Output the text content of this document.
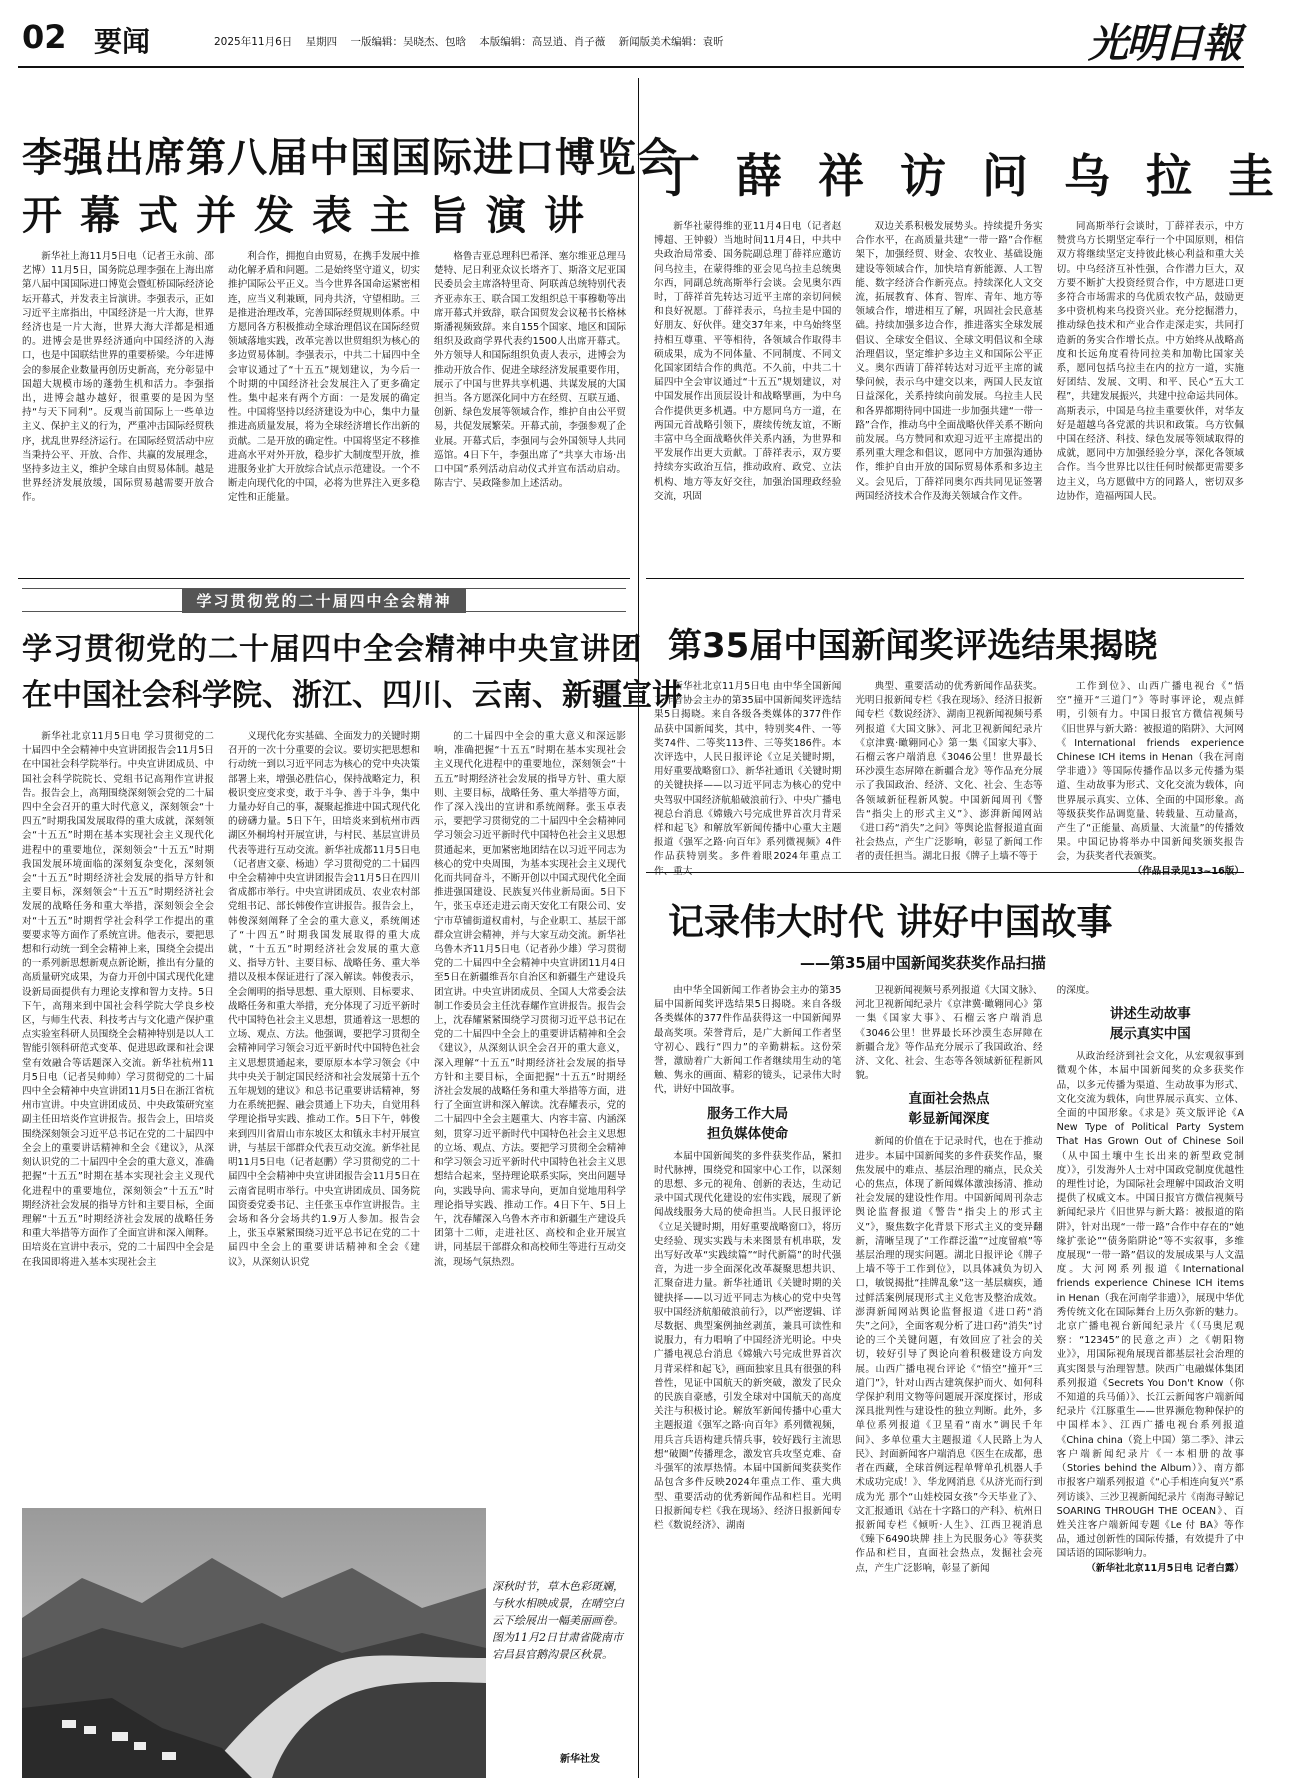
02 要闻	2025年11月6日 星期四 一版编辑：吴晓杰、包晗 本版编辑：高昱逍、肖子薇 新闻版美术编辑：袁昕	光明日報
李强出席第八届中国国际进口博览会
开幕式并发表主旨演讲

新华社上海11月5日电（记者王永前、邵艺博）11月5日，国务院总理李强在上海出席第八届中国国际进口博览会暨虹桥国际经济论坛开幕式，并发表主旨演讲。李强表示，正如习近平主席指出，中国经济是一片大海，世界经济也是一片大海，世界大海大洋都是相通的。进博会是世界经济通向中国经济的入海口，也是中国联结世界的重要桥梁。今年进博会的参展企业数量再创历史新高，充分彰显中国超大规模市场的蓬勃生机和活力。李强指出，进博会越办越好，很重要的是因为坚持“与天下同利”。反观当前国际上一些单边主义、保护主义的行为，严重冲击国际经贸秩序，扰乱世界经济运行。在国际经贸活动中应当秉持公平、开放、合作、共赢的发展理念，坚持多边主义，维护全球自由贸易体制。越是世界经济发展放缓，国际贸易越需要开放合作。

利合作，拥抱自由贸易，在携手发展中推动化解矛盾和问题。二是始终坚守道义，切实推护国际公平正义。当今世界各国命运紧密相连，应当义利兼顾，同舟共济，守望相助。三是推进治理改革，完善国际经贸规则体系。中方愿同各方积极推动全球治理倡议在国际经贸领域落地实践，改革完善以世贸组织为核心的多边贸易体制。李强表示，中共二十届四中全会审议通过了“十五五”规划建议，为今后一个时期的中国经济社会发展注入了更多确定性。集中起来有两个方面：一是发展的确定性。中国将坚持以经济建设为中心，集中力量推进高质量发展，将为全球经济增长作出新的贡献。二是开放的确定性。中国将坚定不移推进高水平对外开放，稳步扩大制度型开放，推进服务业扩大开放综合试点示范建设。一个不断走向现代化的中国，必将为世界注入更多稳定性和正能量。

格鲁吉亚总理科巴希泽、塞尔维亚总理马楚特、尼日利亚众议长塔齐丁、斯洛文尼亚国民委员会主席洛特里奇、阿联酋总统特别代表齐亚赤东王、联合国工发组织总干事穆勒等出席开幕式并致辞，联合国贸发会议秘书长格林斯潘视频致辞。来自155个国家、地区和国际组织及政商学界代表约1500人出席开幕式。外方领导人和国际组织负责人表示，进博会为推动开放合作、促进全球经济发展重要作用，展示了中国与世界共享机遇、共谋发展的大国担当。各方愿深化同中方在经贸、互联互通、创新、绿色发展等领域合作，维护自由公平贸易，共促发展繁荣。开幕式前，李强参观了企业展。开幕式后，李强同与会外国领导人共同巡馆。4日下午，李强出席了“共享大市场·出口中国”系列活动启动仪式并宣布活动启动。陈吉宁、吴政隆参加上述活动。

丁薛祥访问乌拉圭

新华社蒙得维的亚11月4日电（记者赵博超、王钟毅）当地时间11月4日，中共中央政治局常委、国务院副总理丁薛祥应邀访问乌拉圭，在蒙得维的亚会见乌拉圭总统奥尔西，同副总统高斯举行会谈。会见奥尔西时，丁薛祥首先转达习近平主席的亲切问候和良好祝愿。丁薛祥表示，乌拉圭是中国的好朋友、好伙伴。建交37年来，中乌始终坚持相互尊重、平等相待，各领域合作取得丰硕成果，成为不同体量、不同制度、不同文化国家团结合作的典范。不久前，中共二十届四中全会审议通过“十五五”规划建议，对中国发展作出顶层设计和战略擘画，为中乌合作提供更多机遇。中方愿同乌方一道，在两国元首战略引领下，赓续传统友谊，不断丰富中乌全面战略伙伴关系内涵，为世界和平发展作出更大贡献。丁薛祥表示，双方要持续夯实政治互信，推动政府、政党、立法机构、地方等友好交往，加强治国理政经验交流，巩固

双边关系积极发展势头。持续提升务实合作水平，在高质量共建“一带一路”合作框架下，加强经贸、财金、农牧业、基础设施建设等领域合作，加快培育新能源、人工智能、数字经济合作新亮点。持续深化人文交流，拓展教育、体育、智库、青年、地方等领域合作，增进相互了解，巩固社会民意基础。持续加强多边合作，推进落实全球发展倡议、全球安全倡议、全球文明倡议和全球治理倡议，坚定维护多边主义和国际公平正义。奥尔西请丁薛祥转达对习近平主席的诚挚问候，表示乌中建交以来，两国人民友谊日益深化，关系持续向前发展。乌拉圭人民和各界都期待同中国进一步加强共建“一带一路”合作，推动乌中全面战略伙伴关系不断向前发展。乌方赞同和欢迎习近平主席提出的系列重大理念和倡议，愿同中方加强沟通协作，维护自由开放的国际贸易体系和多边主义。会见后，丁薛祥同奥尔西共同见证签署两国经济技术合作及海关领域合作文件。

同高斯举行会谈时，丁薛祥表示，中方赞赏乌方长期坚定奉行一个中国原则，相信双方将继续坚定支持彼此核心利益和重大关切。中乌经济互补性强，合作潜力巨大，双方要不断扩大投资经贸合作，中方愿进口更多符合市场需求的乌优质农牧产品，鼓励更多中资机构来乌投资兴业。充分挖掘潜力，推动绿色技术和产业合作走深走实，共同打造新的务实合作增长点。中方始终从战略高度和长远角度看待同拉美和加勒比国家关系，愿同包括乌拉圭在内的拉方一道，实施好团结、发展、文明、和平、民心“五大工程”，共建发展振兴，共建中拉命运共同体。高斯表示，中国是乌拉圭重要伙伴，对华友好是超越乌各党派的共识和政策。乌方钦佩中国在经济、科技、绿色发展等领域取得的成就，愿同中方加强经验分享，深化各领域合作。当今世界比以往任何时候都更需要多边主义，乌方愿做中方的同路人，密切双多边协作，造福两国人民。

学习贯彻党的二十届四中全会精神
学习贯彻党的二十届四中全会精神中央宣讲团
在中国社会科学院、浙江、四川、云南、新疆宣讲

新华社北京11月5日电 学习贯彻党的二十届四中全会精神中央宣讲团报告会11月5日在中国社会科学院举行。中央宣讲团成员、中国社会科学院院长、党组书记高翔作宣讲报告。报告会上，高翔围绕深刻领会党的二十届四中全会召开的重大时代意义，深刻领会“十四五”时期我国发展取得的重大成就，深刻领会“十五五”时期在基本实现社会主义现代化进程中的重要地位，深刻领会“十五五”时期我国发展环境面临的深刻复杂变化，深刻领会“十五五”时期经济社会发展的指导方针和主要目标，深刻领会“十五五”时期经济社会发展的战略任务和重大举措，深刻领会全会对“十五五”时期哲学社会科学工作提出的重要要求等方面作了系统宣讲。他表示，要把思想和行动统一到全会精神上来，围绕全会提出的一系列新思想新观点新论断，推出有分量的高质量研究成果，为奋力开创中国式现代化建设新局面提供有力理论支撑和智力支持。5日下午，高翔来到中国社会科学院大学良乡校区，与师生代表、科技考古与文化遗产保护重点实验室科研人员围绕全会精神特别是以人工智能引领科研范式变革、促进思政课和社会课堂有效融合等话题深入交流。新华社杭州11月5日电（记者吴帅帅）学习贯彻党的二十届四中全会精神中央宣讲团11月5日在浙江省杭州市宣讲。中央宣讲团成员、中央政策研究室副主任田培炎作宣讲报告。报告会上，田培炎围绕深刻领会习近平总书记在党的二十届四中全会上的重要讲话精神和全会《建议》，从深刻认识党的二十届四中全会的重大意义，准确把握“十五五”时期在基本实现社会主义现代化进程中的重要地位，深刻领会“十五五”时期经济社会发展的指导方针和主要目标，全面理解“十五五”时期经济社会发展的战略任务和重大举措等方面作了全面宣讲和深入阐释。田培炎在宣讲中表示，党的二十届四中全会是在我国即将进入基本实现社会主

义现代化夯实基础、全面发力的关键时期召开的一次十分重要的会议。要切实把思想和行动统一到以习近平同志为核心的党中央决策部署上来，增强必胜信心，保持战略定力，积极识变应变求变，敢于斗争、善于斗争，集中力量办好自己的事，凝聚起推进中国式现代化的磅礴力量。5日下午，田培炎来到杭州市西湖区外桐坞村开展宣讲，与村民、基层宣讲员代表等进行互动交流。新华社成都11月5日电（记者唐文豪、杨迪）学习贯彻党的二十届四中全会精神中央宣讲团报告会11月5日在四川省成都市举行。中央宣讲团成员、农业农村部党组书记、部长韩俊作宣讲报告。报告会上，韩俊深刻阐释了全会的重大意义，系统阐述了“十四五”时期我国发展取得的重大成就，“十五五”时期经济社会发展的重大意义、指导方针、主要目标、战略任务、重大举措以及根本保证进行了深入解读。韩俊表示，全会阐明的指导思想、重大原则、目标要求、战略任务和重大举措，充分体现了习近平新时代中国特色社会主义思想，贯通着这一思想的立场、观点、方法。他强调，要把学习贯彻全会精神同学习领会习近平新时代中国特色社会主义思想贯通起来，要原原本本学习领会《中共中央关于制定国民经济和社会发展第十五个五年规划的建议》和总书记重要讲话精神，努力在系统把握、融会贯通上下功夫，自觉用科学理论指导实践、推动工作。5日下午，韩俊来到四川省眉山市东坡区太和镇永丰村开展宣讲，与基层干部群众代表互动交流。新华社昆明11月5日电（记者赵鹏）学习贯彻党的二十届四中全会精神中央宣讲团报告会11月5日在云南省昆明市举行。中央宣讲团成员、国务院国资委党委书记、主任张玉卓作宣讲报告。主会场和各分会场共约1.9万人参加。报告会上，张玉卓紧紧围绕习近平总书记在党的二十届四中全会上的重要讲话精神和全会《建议》，从深刻认识党

的二十届四中全会的重大意义和深远影响，准确把握“十五五”时期在基本实现社会主义现代化进程中的重要地位，深刻领会“十五五”时期经济社会发展的指导方针、重大原则、主要目标，战略任务、重大举措等方面，作了深入浅出的宣讲和系统阐释。张玉卓表示，要把学习贯彻党的二十届四中全会精神同学习领会习近平新时代中国特色社会主义思想贯通起来，更加紧密地团结在以习近平同志为核心的党中央周围，为基本实现社会主义现代化而共同奋斗，不断开创以中国式现代化全面推进强国建设、民族复兴伟业新局面。5日下午，张玉卓还走进云南天安化工有限公司、安宁市草铺街道权甫村，与企业职工、基层干部群众宣讲会精神，并与大家互动交流。新华社乌鲁木齐11月5日电（记者孙少雄）学习贯彻党的二十届四中全会精神中央宣讲团11月4日至5日在新疆维吾尔自治区和新疆生产建设兵团宣讲。中央宣讲团成员、全国人大常委会法制工作委员会主任沈春耀作宣讲报告。报告会上，沈春耀紧紧围绕学习贯彻习近平总书记在党的二十届四中全会上的重要讲话精神和全会《建议》，从深刻认识全会召开的重大意义，深入理解“十五五”时期经济社会发展的指导方针和主要目标，全面把握“十五五”时期经济社会发展的战略任务和重大举措等方面，进行了全面宣讲和深入解读。沈春耀表示，党的二十届四中全会主题重大、内容丰富、内涵深刻，贯穿习近平新时代中国特色社会主义思想的立场、观点、方法。要把学习贯彻全会精神和学习领会习近平新时代中国特色社会主义思想结合起来，坚持理论联系实际，突出问题导向，实践导向、需求导向，更加自觉地用科学理论指导实践、推动工作。4日下午、5日上午，沈春耀深入乌鲁木齐市和新疆生产建设兵团第十二师，走进社区、高校和企业开展宣讲，同基层干部群众和高校师生等进行互动交流，现场气氛热烈。

深秋时节，草木色彩斑斓，与秋水相映成景，在晴空白云下绘展出一幅美丽画卷。图为11月2日甘肃省陇南市宕昌县官鹅沟景区秋景。
新华社发
第35届中国新闻奖评选结果揭晓

新华社北京11月5日电 由中华全国新闻工作者协会主办的第35届中国新闻奖评选结果5日揭晓。来自各级各类媒体的377件作品获中国新闻奖，其中，特别奖4件、一等奖74件、二等奖113件、三等奖186件。本次评选中，人民日报评论《立足关键时期，用好重要战略窗口》、新华社通讯《关键时期的关键抉择——以习近平同志为核心的党中央驾驭中国经济航船破浪前行》、中央广播电视总台消息《嫦娥六号完成世界首次月背采样和起飞》和解放军新闻传播中心重大主题报道《强军之路·向百年》系列微视频》4件作品获特别奖。多件着眼2024年重点工

典型、重要活动的优秀新闻作品获奖。光明日报新闻专栏《我在现场》、经济日报新闻专栏《数说经济》、湖南卫视新闻视频号系列报道《大国文脉》、河北卫视新闻纪录片《京津冀·瞰翱同心》第一集《国家大事》、石榴云客户端消息《3046公里！世界最长环沙漠生态屏障在新疆合龙》等作品充分展示了我国政治、经济、文化、社会、生态等各领域新征程新风貌。中国新闻周刊《警告“指尖上的形式主义”》、澎湃新闻网站《进口药“消失”之问》等舆论监督报道直面社会热点，产生广泛影响，彰显了新闻工作者的责任担当。湖北日报《牌子上墙不等于

工作到位》、山西广播电视台《“悟空”撞开“三道门”》等时事评论，观点鲜明，引领有力。中国日报官方微信视频号《旧世界与新大路：被报道的陷阱》、大河网《International friends experience Chinese ICH items in Henan（我在河南学非遗）》等国际传播作品以多元传播为渠道、生动故事为形式、文化交流为载体，向世界展示真实、立体、全面的中国形象。高等级获奖作品调览量、转载量、互动量高，产生了“正能量、高质量、大流量”的传播效果。中国记协将举办中国新闻奖颁奖报告会，为获奖者代表颁奖。

记录伟大时代 讲好中国故事
——第35届中国新闻奖获奖作品扫描

由中华全国新闻工作者协会主办的第35届中国新闻奖评选结果5日揭晓。来自各级各类媒体的377件作品获得这一中国新闻界最高奖项。荣誉背后，是广大新闻工作者坚守初心、践行“四力”的辛勤耕耘。这份荣誉，激励着广大新闻工作者继续用生动的笔触、隽永的画面、精彩的镜头，记录伟大时代，讲好中国故事。

服务工作大局
担负媒体使命

本届中国新闻奖的多件获奖作品，紧扣时代脉搏，围绕党和国家中心工作，以深刻的思想、多元的视角、创新的表达，生动记录中国式现代化建设的宏伟实践，展现了新闻战线服务大局的使命担当。人民日报评论《立足关键时期，用好重要战略窗口》，将历史经验、现实实践与未来图景有机串联，发出写好改革“实践续篇”“时代新篇”的时代强音，为进一步全面深化改革凝聚思想共识、汇聚奋进力量。新华社通讯《关键时期的关键抉择——以习近平同志为核心的党中央驾驭中国经济航船破浪前行》，以严密逻辑、详尽数据、典型案例抽丝剥茧，兼具可读性和说服力，有力唱响了中国经济光明论。中央广播电视总台消息《嫦娥六号完成世界首次月背采样和起飞》，画面独家且具有很强的科普性，见证中国航天的新突破，激发了民众的民族自豪感，引发全球对中国航天的高度关注与积极讨论。解放军新闻传播中心重大主题报道《强军之路·向百年》系列微视频，用兵言兵语构建兵情兵事，较好践行主流思想“破圈”传播理念，激发官兵攻坚克难、奋斗强军的浓厚热情。本届中国新闻奖获奖作品包含多件反映2024年重点工作、重大典型、重要活动的优秀新闻作品和栏目。光明日报新闻专栏《我在现场》、经济日报新闻专栏《数说经济》、湖南

卫视新闻视频号系列报道《大国文脉》、河北卫视新闻纪录片《京津冀·瞰翱同心》第一集《国家大事》、石榴云客户端消息《3046公里！世界最长环沙漠生态屏障在新疆合龙》等作品充分展示了我国政治、经济、文化、社会、生态等各领域新征程新风貌。

直面社会热点
彰显新闻深度

新闻的价值在于记录时代，也在于推动进步。本届中国新闻奖的多件获奖作品，聚焦发展中的难点、基层治理的痛点，民众关心的焦点，体现了新闻媒体激浊扬清、推动社会发展的建设性作用。中国新闻周刊杂志舆论监督报道《警告“指尖上的形式主义”》，聚焦数字化背景下形式主义的变异翻新，清晰呈现了“工作群泛滥”“过度留痕”等基层治理的现实问题。湖北日报评论《牌子上墙不等于工作到位》，以具体减负为切入口，敏锐揭批“挂牌乱象”这一基层痼疾，通过鲜活案例展现形式主义危害及整治成效。澎湃新闻网站舆论监督报道《进口药“消失”之问》，全面客观分析了进口药“消失”讨论的三个关键问题，有效回应了社会的关切，较好引导了舆论向着积极建设方向发展。山西广播电视台评论《“悟空”撞开“三道门”》，针对山西古建筑保护而火、如何科学保护利用文物等问题展开深度探讨，形成深具批判性与建设性的独立判断。此外，多单位系列报道《卫星看“南水”调民千年间》、多单位重大主题报道《人民路上为人民》、封面新闻客户端消息《医生在成都，患者在西藏，全球首例远程单臂单孔机器人手术成功完成！》、华龙网消息《从济光而行到成为光 那个“山娃校园女孩”今天毕业了》、文汇报通讯《站在十字路口的产科》、杭州日报新闻专栏《倾听·人生》、江西卫视消息《臻下6490块牌 挂上为民服务心》等获奖作品和栏目，直面社会热点，发掘社会亮点，产生广泛影响，彰显了新闻

的深度。

讲述生动故事
展示真实中国

从政治经济到社会文化，从宏观叙事到微观个体，本届中国新闻奖的众多获奖作品，以多元传播为渠道、生动故事为形式、文化交流为载体，向世界展示真实、立体、全面的中国形象。《求是》英文版评论《A New Type of Political Party System That Has Grown Out of Chinese Soil（从中国土壤中生长出来的新型政党制度）》，引发海外人士对中国政党制度优越性的理性讨论，为国际社会理解中国政治文明提供了权威文本。中国日报官方微信视频号新闻纪录片《旧世界与新大路：被报道的陷阱》，针对出现“一带一路”合作中存在的“她缘扩张论”“债务陷阱论”等不实叙事，多维度展现“一带一路”倡议的发展成果与人文温度。大河网系列报道《International friends experience Chinese ICH items in Henan（我在河南学非遗）》，展现中华优秀传统文化在国际舞台上历久弥新的魅力。北京广播电视台新闻纪录片《（马奥尼观察：“12345”的民意之声）之《朝阳物业》》，用国际视角展现首都基层社会治理的真实图景与治理智慧。陕西广电融媒体集团系列报道《Secrets You Don't Know（你不知道的兵马俑）》、长江云新闻客户端新闻纪录片《江豚重生——世界濒危物种保护的中国样本》、江西广播电视台系列报道《China china（瓷上中国）第二季》、津云客户端新闻纪录片《一本相册的故事（Stories behind the Album）》、南方都市报客户端系列报道《“心手相连向复兴”系列访谈》、三沙卫视新闻纪录片《南海寻鲸记 SOARING THROUGH THE OCEAN》、百姓关注客户端新闻专题《Le 付 BA》等作品，通过创新性的国际传播，有效提升了中国话语的国际影响力。

（新华社北京11月5日电 记者白露）
